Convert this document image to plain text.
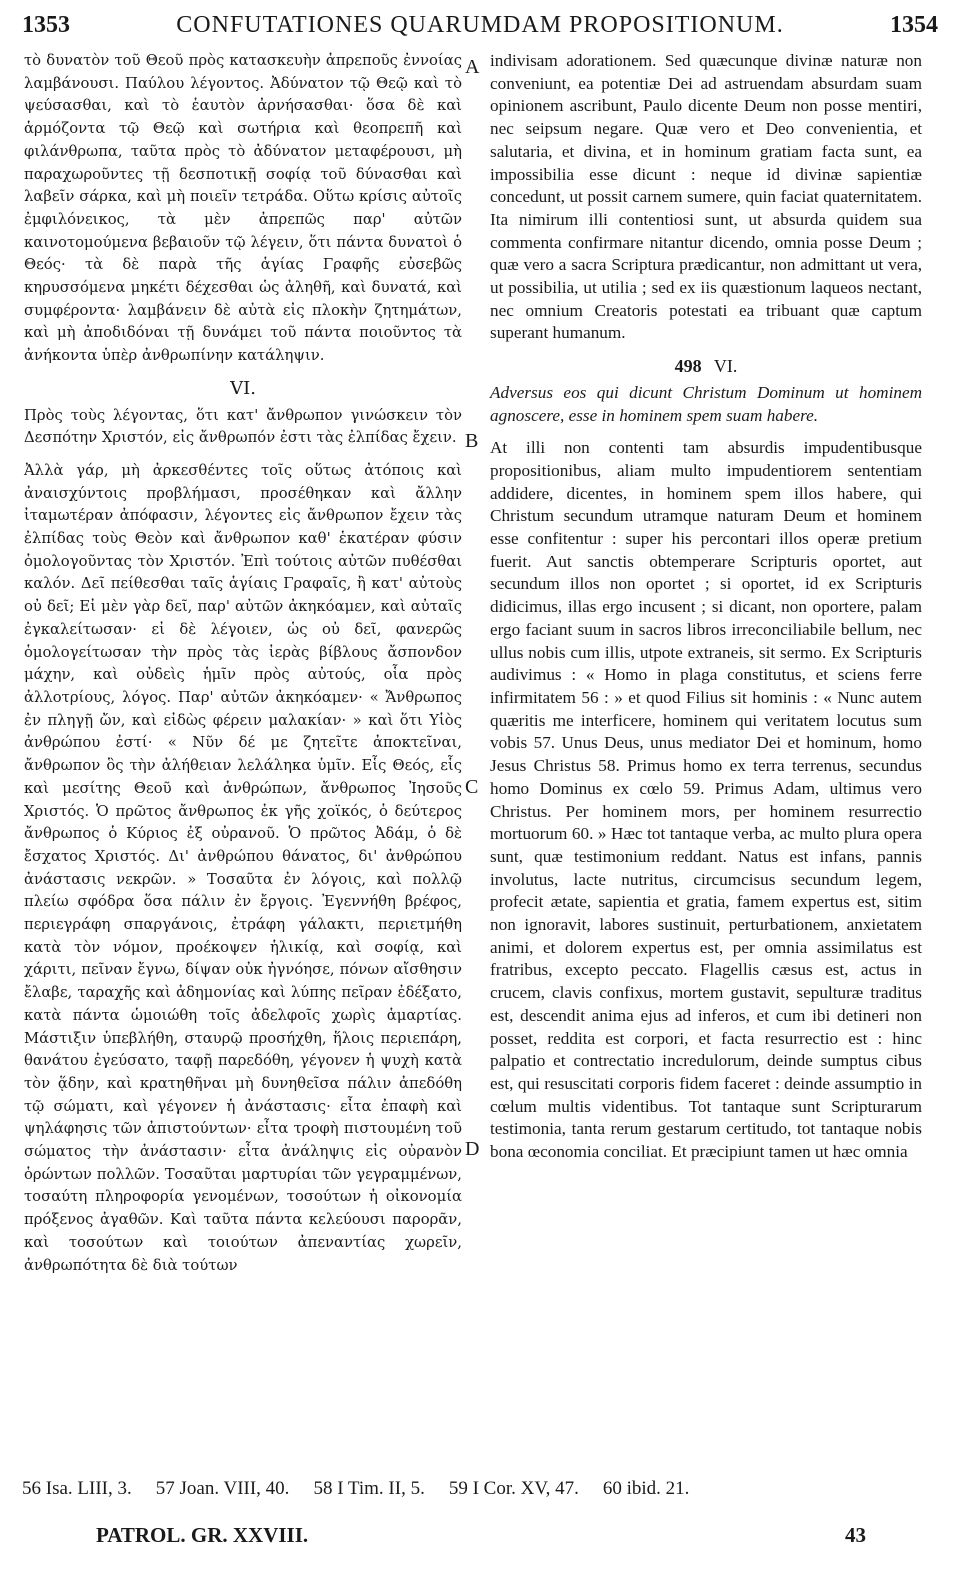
1353	CONFUTATIONES QUARUMDAM PROPOSITIONUM.	1354

τὸ δυνατὸν τοῦ Θεοῦ πρὸς κατασκευὴν ἀπρεποῦς ἐννοίας λαμβάνουσι. Παύλου λέγοντος. Ἀδύνατον τῷ Θεῷ καὶ τὸ ψεύσασθαι, καὶ τὸ ἑαυτὸν ἀρνήσασθαι· ὅσα δὲ καὶ ἁρμόζοντα τῷ Θεῷ καὶ σωτήρια καὶ θεοπρεπῆ καὶ φιλάνθρωπα, ταῦτα πρὸς τὸ ἀδύνατον μεταφέρουσι, μὴ παραχωροῦντες τῇ δεσποτικῇ σοφίᾳ τοῦ δύνασθαι καὶ λαβεῖν σάρκα, καὶ μὴ ποιεῖν τετράδα. Οὕτω κρίσις αὐτοῖς ἐμφιλόνεικος, τὰ μὲν ἀπρεπῶς παρ' αὐτῶν καινοτομούμενα βεβαιοῦν τῷ λέγειν, ὅτι πάντα δυνατοὶ ὁ Θεός· τὰ δὲ παρὰ τῆς ἁγίας Γραφῆς εὐσεβῶς κηρυσσόμενα μηκέτι δέχεσθαι ὡς ἀληθῆ, καὶ δυνατά, καὶ συμφέροντα· λαμβάνειν δὲ αὐτὰ εἰς πλοκὴν ζητημάτων, καὶ μὴ ἀποδιδόναι τῇ δυνάμει τοῦ πάντα ποιοῦντος τὰ ἀνήκοντα ὑπὲρ ἀνθρωπίνην κατάληψιν.

VI.

Πρὸς τοὺς λέγοντας, ὅτι κατ' ἄνθρωπον γινώσκειν τὸν Δεσπότην Χριστόν, εἰς ἄνθρωπόν ἐστι τὰς ἐλπίδας ἔχειν.

Ἀλλὰ γάρ, μὴ ἀρκεσθέντες τοῖς οὕτως ἀτόποις καὶ ἀναισχύντοις προβλήμασι, προσέθηκαν καὶ ἄλλην ἰταμωτέραν ἀπόφασιν, λέγοντες εἰς ἄνθρωπον ἔχειν τὰς ἐλπίδας τοὺς Θεὸν καὶ ἄνθρωπον καθ' ἑκατέραν φύσιν ὁμολογοῦντας τὸν Χριστόν. Ἐπὶ τούτοις αὐτῶν πυθέσθαι καλόν. Δεῖ πείθεσθαι ταῖς ἁγίαις Γραφαῖς, ἢ κατ' αὐτοὺς οὐ δεῖ; Εἰ μὲν γὰρ δεῖ, παρ' αὐτῶν ἀκηκόαμεν, καὶ αὐταῖς ἐγκαλείτωσαν· εἰ δὲ λέγοιεν, ὡς οὐ δεῖ, φανερῶς ὁμολογείτωσαν τὴν πρὸς τὰς ἱερὰς βίβλους ἄσπονδον μάχην, καὶ οὐδεὶς ἡμῖν πρὸς αὐτούς, οἷα πρὸς ἀλλοτρίους, λόγος. Παρ' αὐτῶν ἀκηκόαμεν· « Ἄνθρωπος ἐν πληγῇ ὤν, καὶ εἰδὼς φέρειν μαλακίαν· » καὶ ὅτι Υἱὸς ἀνθρώπου ἐστί· « Νῦν δέ με ζητεῖτε ἀποκτεῖναι, ἄνθρωπον ὃς τὴν ἀλήθειαν λελάληκα ὑμῖν. Εἷς Θεός, εἷς καὶ μεσίτης Θεοῦ καὶ ἀνθρώπων, ἄνθρωπος Ἰησοῦς Χριστός. Ὁ πρῶτος ἄνθρωπος ἐκ γῆς χοϊκός, ὁ δεύτερος ἄνθρωπος ὁ Κύριος ἐξ οὐρανοῦ. Ὁ πρῶτος Ἀδάμ, ὁ δὲ ἔσχατος Χριστός. Δι' ἀνθρώπου θάνατος, δι' ἀνθρώπου ἀνάστασις νεκρῶν. » Τοσαῦτα ἐν λόγοις, καὶ πολλῷ πλείω σφόδρα ὅσα πάλιν ἐν ἔργοις. Ἐγεννήθη βρέφος, περιεγράφη σπαργάνοις, ἐτράφη γάλακτι, περιετμήθη κατὰ τὸν νόμον, προέκοψεν ἡλικίᾳ, καὶ σοφίᾳ, καὶ χάριτι, πεῖναν ἔγνω, δίψαν οὐκ ἠγνόησε, πόνων αἴσθησιν ἔλαβε, ταραχῆς καὶ ἀδημονίας καὶ λύπης πεῖραν ἐδέξατο, κατὰ πάντα ὡμοιώθη τοῖς ἀδελφοῖς χωρὶς ἁμαρτίας. Μάστιξιν ὑπεβλήθη, σταυρῷ προσήχθη, ἥλοις περιεπάρη, θανάτου ἐγεύσατο, ταφῇ παρεδόθη, γέγονεν ἡ ψυχὴ κατὰ τὸν ᾅδην, καὶ κρατηθῆναι μὴ δυνηθεῖσα πάλιν ἀπεδόθη τῷ σώματι, καὶ γέγονεν ἡ ἀνάστασις· εἶτα ἐπαφὴ καὶ ψηλάφησις τῶν ἀπιστούντων· εἶτα τροφὴ πιστουμένη τοῦ σώματος τὴν ἀνάστασιν· εἶτα ἀνάληψις εἰς οὐρανὸν ὁρώντων πολλῶν. Τοσαῦται μαρτυρίαι τῶν γεγραμμένων, τοσαύτη πληροφορία γενομένων, τοσούτων ἡ οἰκονομία πρόξενος ἀγαθῶν. Καὶ ταῦτα πάντα κελεύουσι παρορᾶν, καὶ τοσούτων καὶ τοιούτων ἀπεναντίας χωρεῖν, ἀνθρωπότητα δὲ διὰ τούτων

indivisam adorationem. Sed quæcunque divinæ naturæ non conveniunt, ea potentiæ Dei ad astruendam absurdam suam opinionem ascribunt, Paulo dicente Deum non posse mentiri, nec seipsum negare. Quæ vero et Deo convenientia, et salutaria, et divina, et in hominum gratiam facta sunt, ea impossibilia esse dicunt : neque id divinæ sapientiæ concedunt, ut possit carnem sumere, quin faciat quaternitatem. Ita nimirum illi contentiosi sunt, ut absurda quidem sua commenta confirmare nitantur dicendo, omnia posse Deum ; quæ vero a sacra Scriptura prædicantur, non admittant ut vera, ut possibilia, ut utilia ; sed ex iis quæstionum laqueos nectant, nec omnium Creatoris potestati ea tribuant quæ captum superant humanum.

498 VI.

Adversus eos qui dicunt Christum Dominum ut hominem agnoscere, esse in hominem spem suam habere.

At illi non contenti tam absurdis impudentibusque propositionibus, aliam multo impudentiorem sententiam addidere, dicentes, in hominem spem illos habere, qui Christum secundum utramque naturam Deum et hominem esse confitentur : super his percontari illos operæ pretium fuerit. Aut sanctis obtemperare Scripturis oportet, aut secundum illos non oportet ; si oportet, id ex Scripturis didicimus, illas ergo incusent ; si dicant, non oportere, palam ergo faciant suum in sacros libros irreconciliabile bellum, nec ullus nobis cum illis, utpote extraneis, sit sermo. Ex Scripturis audivimus : « Homo in plaga constitutus, et sciens ferre infirmitatem 56 : » et quod Filius sit hominis : « Nunc autem quæritis me interficere, hominem qui veritatem locutus sum vobis 57. Unus Deus, unus mediator Dei et hominum, homo Jesus Christus 58. Primus homo ex terra terrenus, secundus homo Dominus ex cœlo 59. Primus Adam, ultimus vero Christus. Per hominem mors, per hominem resurrectio mortuorum 60. » Hæc tot tantaque verba, ac multo plura opera sunt, quæ testimonium reddant. Natus est infans, pannis involutus, lacte nutritus, circumcisus secundum legem, profecit ætate, sapientia et gratia, famem expertus est, sitim non ignoravit, labores sustinuit, perturbationem, anxietatem animi, et dolorem expertus est, per omnia assimilatus est fratribus, excepto peccato. Flagellis cæsus est, actus in crucem, clavis confixus, mortem gustavit, sepulturæ traditus est, descendit anima ejus ad inferos, et cum ibi detineri non posset, reddita est corpori, et facta resurrectio est : hinc palpatio et contrectatio incredulorum, deinde sumptus cibus est, qui resuscitati corporis fidem faceret : deinde assumptio in cœlum multis videntibus. Tot tantaque sunt Scripturarum testimonia, tanta rerum gestarum certitudo, tot tantaque nobis bona œconomia conciliat. Et præcipiunt tamen ut hæc omnia

A
B
C
D
56 Isa. LIII, 3. 57 Joan. VIII, 40. 58 I Tim. II, 5. 59 I Cor. XV, 47. 60 ibid. 21.
PATROL. GR. XXVIII.	43
